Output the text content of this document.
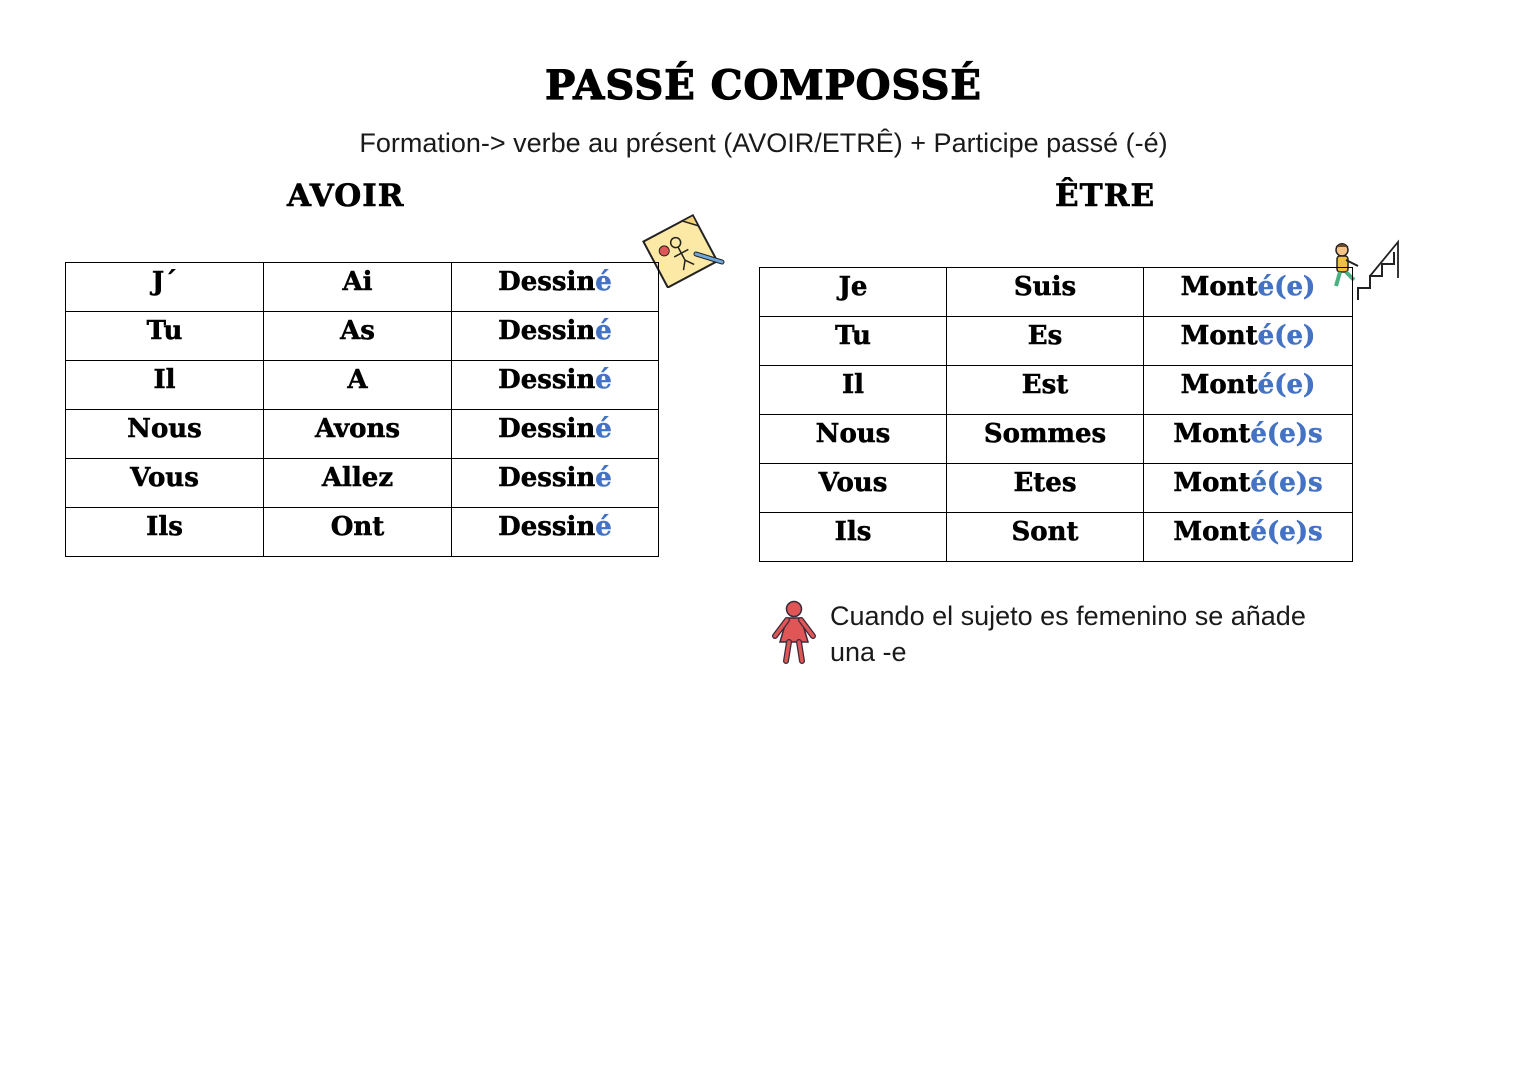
PASSÉ COMPOSSÉ
Formation-> verbe au présent (AVOIR/ETRÊ) + Participe passé (-é)
AVOIR	ÊTRE
J´	Ai	Dessiné
Tu	As	Dessiné
Il	A	Dessiné
Nous	Avons	Dessiné
Vous	Allez	Dessiné
Ils	Ont	Dessiné
Je	Suis	Monté(e)
Tu	Es	Monté(e)
Il	Est	Monté(e)
Nous	Sommes	Monté(e)s
Vous	Etes	Monté(e)s
Ils	Sont	Monté(e)s
Cuando el sujeto es femenino se añade
una -e
